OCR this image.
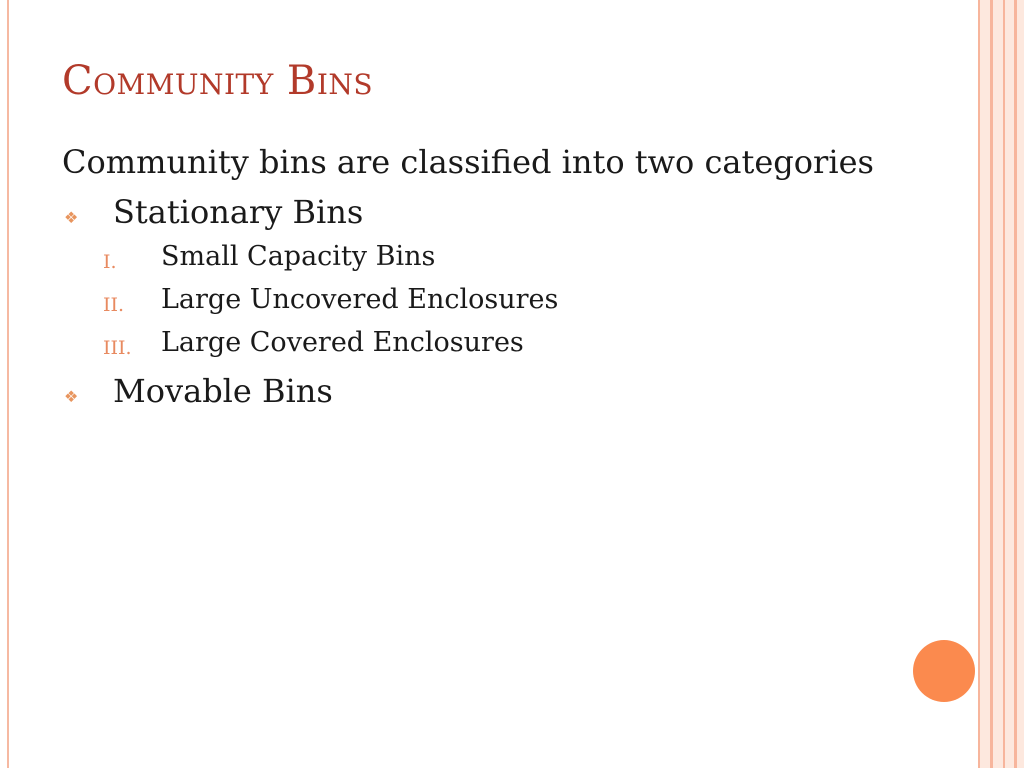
Community Bins
Community bins are classified into two categories
❖ Stationary Bins
I. Small Capacity Bins
II. Large Uncovered Enclosures
III. Large Covered Enclosures
❖ Movable Bins
